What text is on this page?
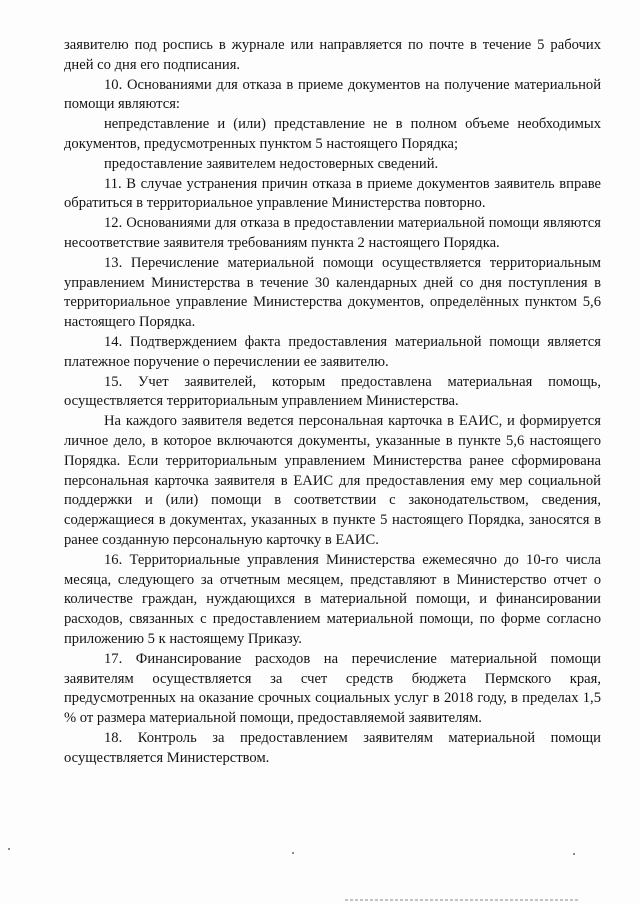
заявителю под роспись в журнале или направляется по почте в течение 5 рабочих дней со дня его подписания.

10. Основаниями для отказа в приеме документов на получение материальной помощи являются:

непредставление и (или) представление не в полном объеме необходимых документов, предусмотренных пунктом 5 настоящего Порядка;

предоставление заявителем недостоверных сведений.

11. В случае устранения причин отказа в приеме документов заявитель вправе обратиться в территориальное управление Министерства повторно.

12. Основаниями для отказа в предоставлении материальной помощи являются несоответствие заявителя требованиям пункта 2 настоящего Порядка.

13. Перечисление материальной помощи осуществляется территориальным управлением Министерства в течение 30 календарных дней со дня поступления в территориальное управление Министерства документов, определённых пунктом 5,6 настоящего Порядка.

14. Подтверждением факта предоставления материальной помощи является платежное поручение о перечислении ее заявителю.

15. Учет заявителей, которым предоставлена материальная помощь, осуществляется территориальным управлением Министерства.

На каждого заявителя ведется персональная карточка в ЕАИС, и формируется личное дело, в которое включаются документы, указанные в пункте 5,6 настоящего Порядка. Если территориальным управлением Министерства ранее сформирована персональная карточка заявителя в ЕАИС для предоставления ему мер социальной поддержки и (или) помощи в соответствии с законодательством, сведения, содержащиеся в документах, указанных в пункте 5 настоящего Порядка, заносятся в ранее созданную персональную карточку в ЕАИС.

16. Территориальные управления Министерства ежемесячно до 10-го числа месяца, следующего за отчетным месяцем, представляют в Министерство отчет о количестве граждан, нуждающихся в материальной помощи, и финансировании расходов, связанных с предоставлением материальной помощи, по форме согласно приложению 5 к настоящему Приказу.

17. Финансирование расходов на перечисление материальной помощи заявителям осуществляется за счет средств бюджета Пермского края, предусмотренных на оказание срочных социальных услуг в 2018 году, в пределах 1,5 % от размера материальной помощи, предоставляемой заявителям.

18. Контроль за предоставлением заявителям материальной помощи осуществляется Министерством.
